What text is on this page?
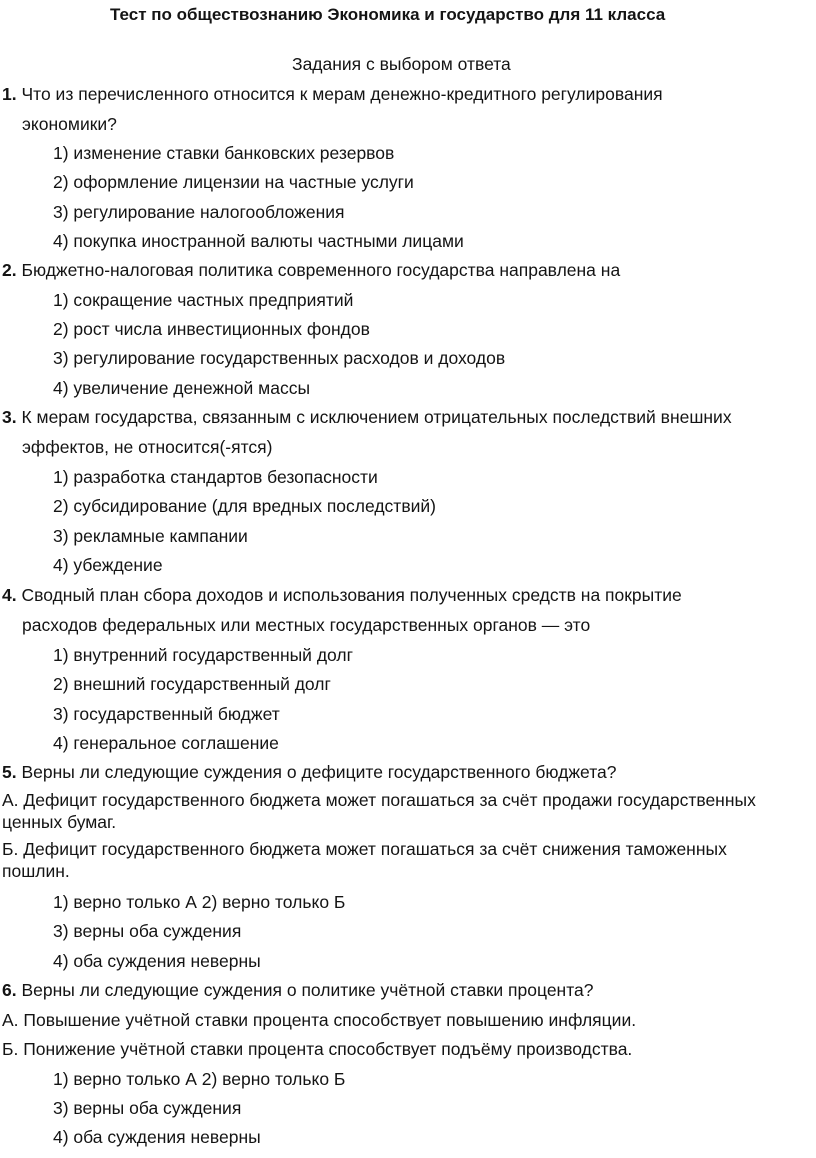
Тест по обществознанию Экономика и государство для 11 класса
Задания с выбором ответа
1. Что из перечисленного относится к мерам денежно-кредитного регулирования
экономики?
1) изменение ставки банковских резервов
2) оформление лицензии на частные услуги
3) регулирование налогообложения
4) покупка иностранной валюты частными лицами
2. Бюджетно-налоговая политика современного государства направлена на
1) сокращение частных предприятий
2) рост числа инвестиционных фондов
3) регулирование государственных расходов и доходов
4) увеличение денежной массы
3. К мерам государства, связанным с исключением отрицательных последствий внешних
эффектов, не относится(-ятся)
1) разработка стандартов безопасности
2) субсидирование (для вредных последствий)
3) рекламные кампании
4) убеждение
4. Сводный план сбора доходов и использования полученных средств на покрытие
расходов федеральных или местных государственных органов — это
1) внутренний государственный долг
2) внешний государственный долг
3) государственный бюджет
4) генеральное соглашение
5. Верны ли следующие суждения о дефиците государственного бюджета?
А. Дефицит государственного бюджета может погашаться за счёт продажи государственных
ценных бумаг.
Б. Дефицит государственного бюджета может погашаться за счёт снижения таможенных
пошлин.
1) верно только А 2) верно только Б
3) верны оба суждения
4) оба суждения неверны
6. Верны ли следующие суждения о политике учётной ставки процента?
А. Повышение учётной ставки процента способствует повышению инфляции.
Б. Понижение учётной ставки процента способствует подъёму производства.
1) верно только А 2) верно только Б
3) верны оба суждения
4) оба суждения неверны
